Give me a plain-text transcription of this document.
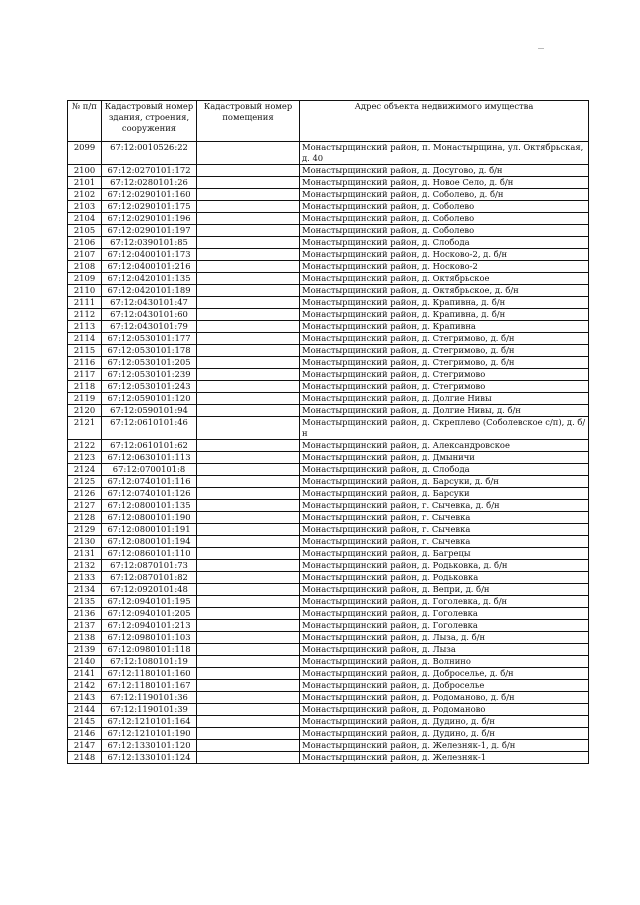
№ п/п	Кадастровый номер здания, строения, сооружения	Кадастровый номер помещения	Адрес объекта недвижимого имущества
2099	67:12:0010526:22		Монастырщинский район, п. Монастырщина, ул. Октябрьская, д. 40
2100	67:12:0270101:172		Монастырщинский район, д. Досугово, д. б/н
2101	67:12:0280101:26		Монастырщинский район, д. Новое Село, д. б/н
2102	67:12:0290101:160		Монастырщинский район, д. Соболево, д. б/н
2103	67:12:0290101:175		Монастырщинский район, д. Соболево
2104	67:12:0290101:196		Монастырщинский район, д. Соболево
2105	67:12:0290101:197		Монастырщинский район, д. Соболево
2106	67:12:0390101:85		Монастырщинский район, д. Слобода
2107	67:12:0400101:173		Монастырщинский район, д. Носково-2, д. б/н
2108	67:12:0400101:216		Монастырщинский район, д. Носково-2
2109	67:12:0420101:135		Монастырщинский район, д. Октябрьское
2110	67:12:0420101:189		Монастырщинский район, д. Октябрьское, д. б/н
2111	67:12:0430101:47		Монастырщинский район, д. Крапивна, д. б/н
2112	67:12:0430101:60		Монастырщинский район, д. Крапивна, д. б/н
2113	67:12:0430101:79		Монастырщинский район, д. Крапивна
2114	67:12:0530101:177		Монастырщинский район, д. Стегримово, д. б/н
2115	67:12:0530101:178		Монастырщинский район, д. Стегримово, д. б/н
2116	67:12:0530101:205		Монастырщинский район, д. Стегримово, д. б/н
2117	67:12:0530101:239		Монастырщинский район, д. Стегримово
2118	67:12:0530101:243		Монастырщинский район, д. Стегримово
2119	67:12:0590101:120		Монастырщинский район, д. Долгие Нивы
2120	67:12:0590101:94		Монастырщинский район, д. Долгие Нивы, д. б/н
2121	67:12:0610101:46		Монастырщинский район, д. Скреплево (Соболевское с/п), д. б/н
2122	67:12:0610101:62		Монастырщинский район, д. Александровское
2123	67:12:0630101:113		Монастырщинский район, д. Дмыничи
2124	67:12:0700101:8		Монастырщинский район, д. Слобода
2125	67:12:0740101:116		Монастырщинский район, д. Барсуки, д. б/н
2126	67:12:0740101:126		Монастырщинский район, д. Барсуки
2127	67:12:0800101:135		Монастырщинский район, г. Сычевка, д. б/н
2128	67:12:0800101:190		Монастырщинский район, г. Сычевка
2129	67:12:0800101:191		Монастырщинский район, г. Сычевка
2130	67:12:0800101:194		Монастырщинский район, г. Сычевка
2131	67:12:0860101:110		Монастырщинский район, д. Багрецы
2132	67:12:0870101:73		Монастырщинский район, д. Родьковка, д. б/н
2133	67:12:0870101:82		Монастырщинский район, д. Родьковка
2134	67:12:0920101:48		Монастырщинский район, д. Вепри, д. б/н
2135	67:12:0940101:195		Монастырщинский район, д. Гоголевка, д. б/н
2136	67:12:0940101:205		Монастырщинский район, д. Гоголевка
2137	67:12:0940101:213		Монастырщинский район, д. Гоголевка
2138	67:12:0980101:103		Монастырщинский район, д. Лыза, д. б/н
2139	67:12:0980101:118		Монастырщинский район, д. Лыза
2140	67:12:1080101:19		Монастырщинский район, д. Волнино
2141	67:12:1180101:160		Монастырщинский район, д. Доброселье, д. б/н
2142	67:12:1180101:167		Монастырщинский район, д. Доброселье
2143	67:12:1190101:36		Монастырщинский район, д. Родомановo, д. б/н
2144	67:12:1190101:39		Монастырщинский район, д. Родоманово
2145	67:12:1210101:164		Монастырщинский район, д. Дудино, д. б/н
2146	67:12:1210101:190		Монастырщинский район, д. Дудино, д. б/н
2147	67:12:1330101:120		Монастырщинский район, д. Железняк-1, д. б/н
2148	67:12:1330101:124		Монастырщинский район, д. Железняк-1
